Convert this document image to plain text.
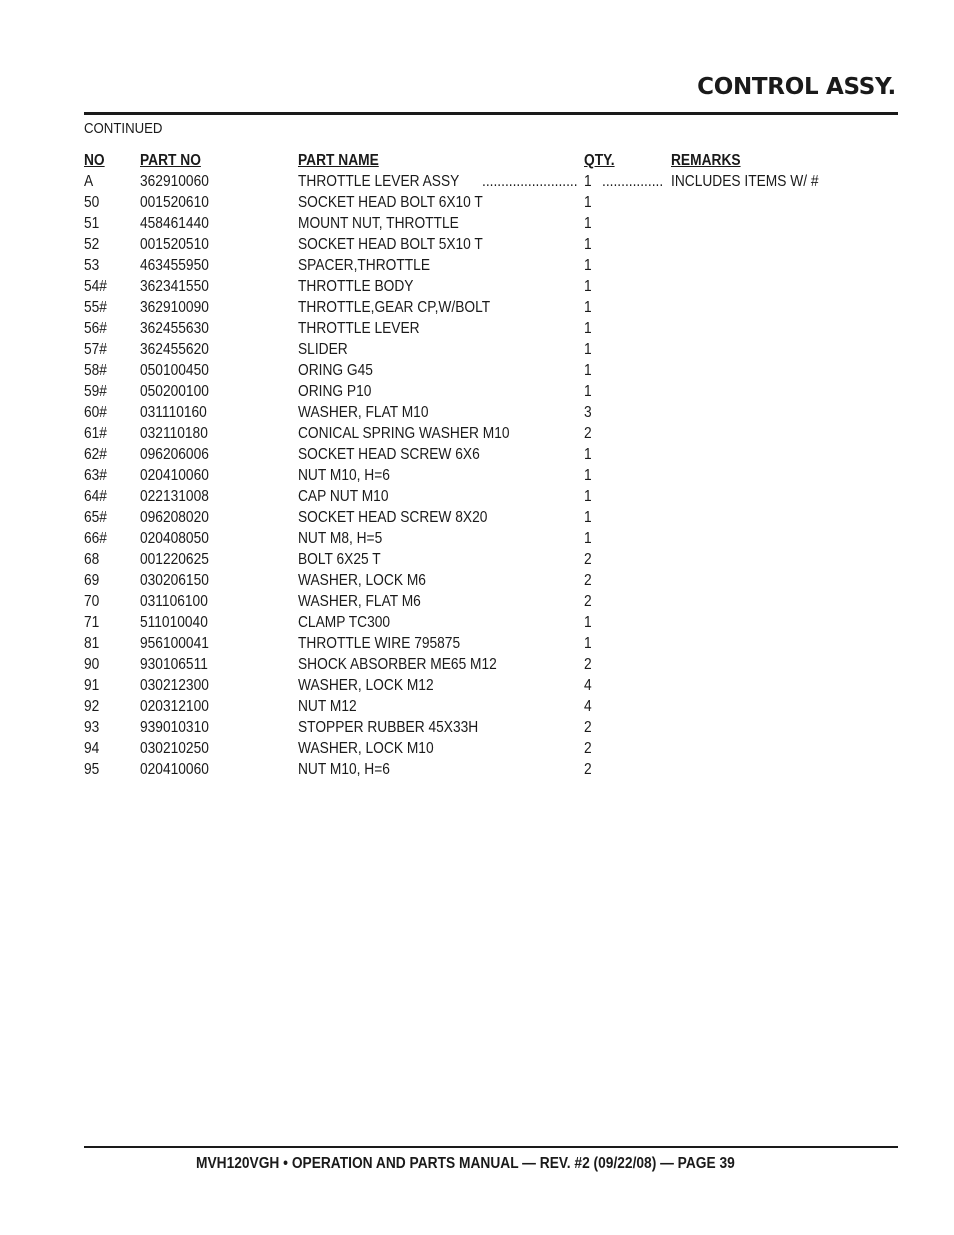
CONTROL ASSY.
CONTINUED
NO PART NO	PART NAME	QTY.	REMARKS
A	362910060	THROTTLE LEVER ASSY	1	INCLUDES ITEMS W/ #
......................... ................
50	001520610	SOCKET HEAD BOLT 6X10 T	1
51	458461440	MOUNT NUT, THROTTLE	1
52	001520510	SOCKET HEAD BOLT 5X10 T	1
53	463455950	SPACER,THROTTLE	1
54# 362341550	THROTTLE BODY	1
55# 362910090	THROTTLE,GEAR CP,W/BOLT	1
56# 362455630	THROTTLE LEVER	1
57# 362455620	SLIDER	1
58# 050100450	ORING G45	1
59# 050200100	ORING P10	1
60# 031110160	WASHER, FLAT M10	3
61# 032110180	CONICAL SPRING WASHER M10	2
62# 096206006	SOCKET HEAD SCREW 6X6	1
63# 020410060	NUT M10, H=6	1
64# 022131008	CAP NUT M10	1
65# 096208020	SOCKET HEAD SCREW 8X20	1
66# 020408050	NUT M8, H=5	1
68	001220625	BOLT 6X25 T	2
69	030206150	WASHER, LOCK M6	2
70	031106100	WASHER, FLAT M6	2
71	511010040	CLAMP TC300	1
81	956100041	THROTTLE WIRE 795875	1
90	930106511	SHOCK ABSORBER ME65 M12	2
91	030212300	WASHER, LOCK M12	4
92	020312100	NUT M12	4
93	939010310	STOPPER RUBBER 45X33H	2
94	030210250	WASHER, LOCK M10	2
95	020410060	NUT M10, H=6	2
MVH120VGH • OPERATION AND PARTS MANUAL — REV. #2 (09/22/08) — PAGE 39
